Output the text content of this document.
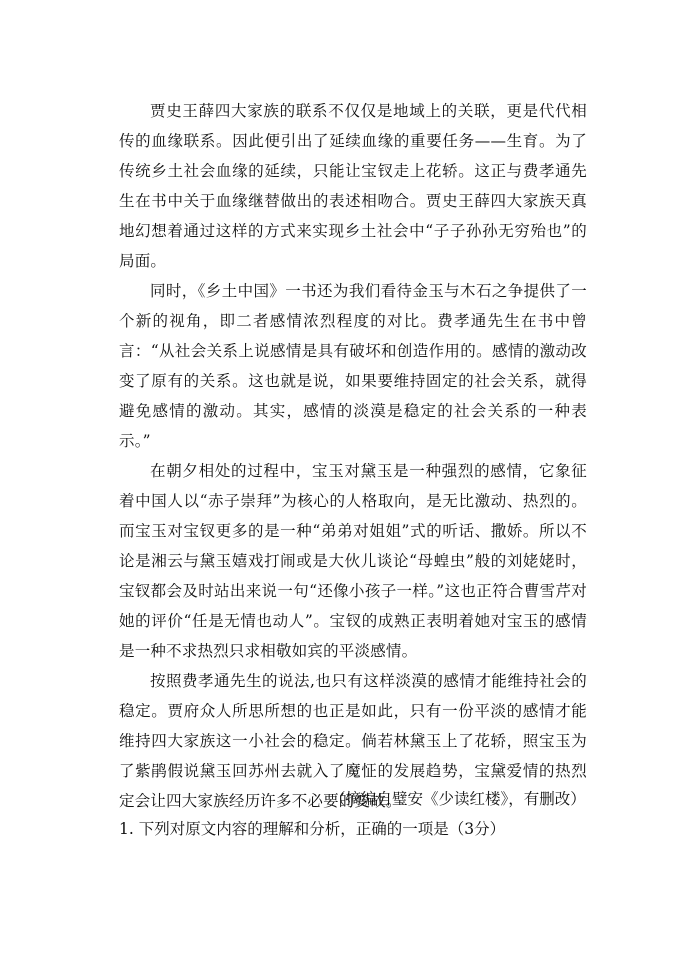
贾史王薛四大家族的联系不仅仅是地域上的关联，更是代代相传的血缘联系。因此便引出了延续血缘的重要任务——生育。为了传统乡土社会血缘的延续，只能让宝钗走上花轿。这正与费孝通先生在书中关于血缘继替做出的表述相吻合。贾史王薛四大家族天真地幻想着通过这样的方式来实现乡土社会中“子子孙孙无穷殆也”的局面。

同时，《乡土中国》一书还为我们看待金玉与木石之争提供了一个新的视角，即二者感情浓烈程度的对比。费孝通先生在书中曾言：“从社会关系上说感情是具有破坏和创造作用的。感情的激动改变了原有的关系。这也就是说，如果要维持固定的社会关系，就得避免感情的激动。其实，感情的淡漠是稳定的社会关系的一种表示。”

在朝夕相处的过程中，宝玉对黛玉是一种强烈的感情，它象征着中国人以“赤子崇拜”为核心的人格取向，是无比激动、热烈的。而宝玉对宝钗更多的是一种“弟弟对姐姐”式的听话、撒娇。所以不论是湘云与黛玉嬉戏打闹或是大伙儿谈论“母蝗虫”般的刘姥姥时，宝钗都会及时站出来说一句“还像小孩子一样。”这也正符合曹雪芹对她的评价“任是无情也动人”。宝钗的成熟正表明着她对宝玉的感情是一种不求热烈只求相敬如宾的平淡感情。

按照费孝通先生的说法,也只有这样淡漠的感情才能维持社会的稳定。贾府众人所思所想的也正是如此，只有一份平淡的感情才能维持四大家族这一小社会的稳定。倘若林黛玉上了花轿，照宝玉为了紫鹃假说黛玉回苏州去就入了魔怔的发展趋势，宝黛爱情的热烈定会让四大家族经历许多不必要的变故。

（摘编自璧安《少读红楼》，有删改）
1. 下列对原文内容的理解和分析，正确的一项是（3分）
